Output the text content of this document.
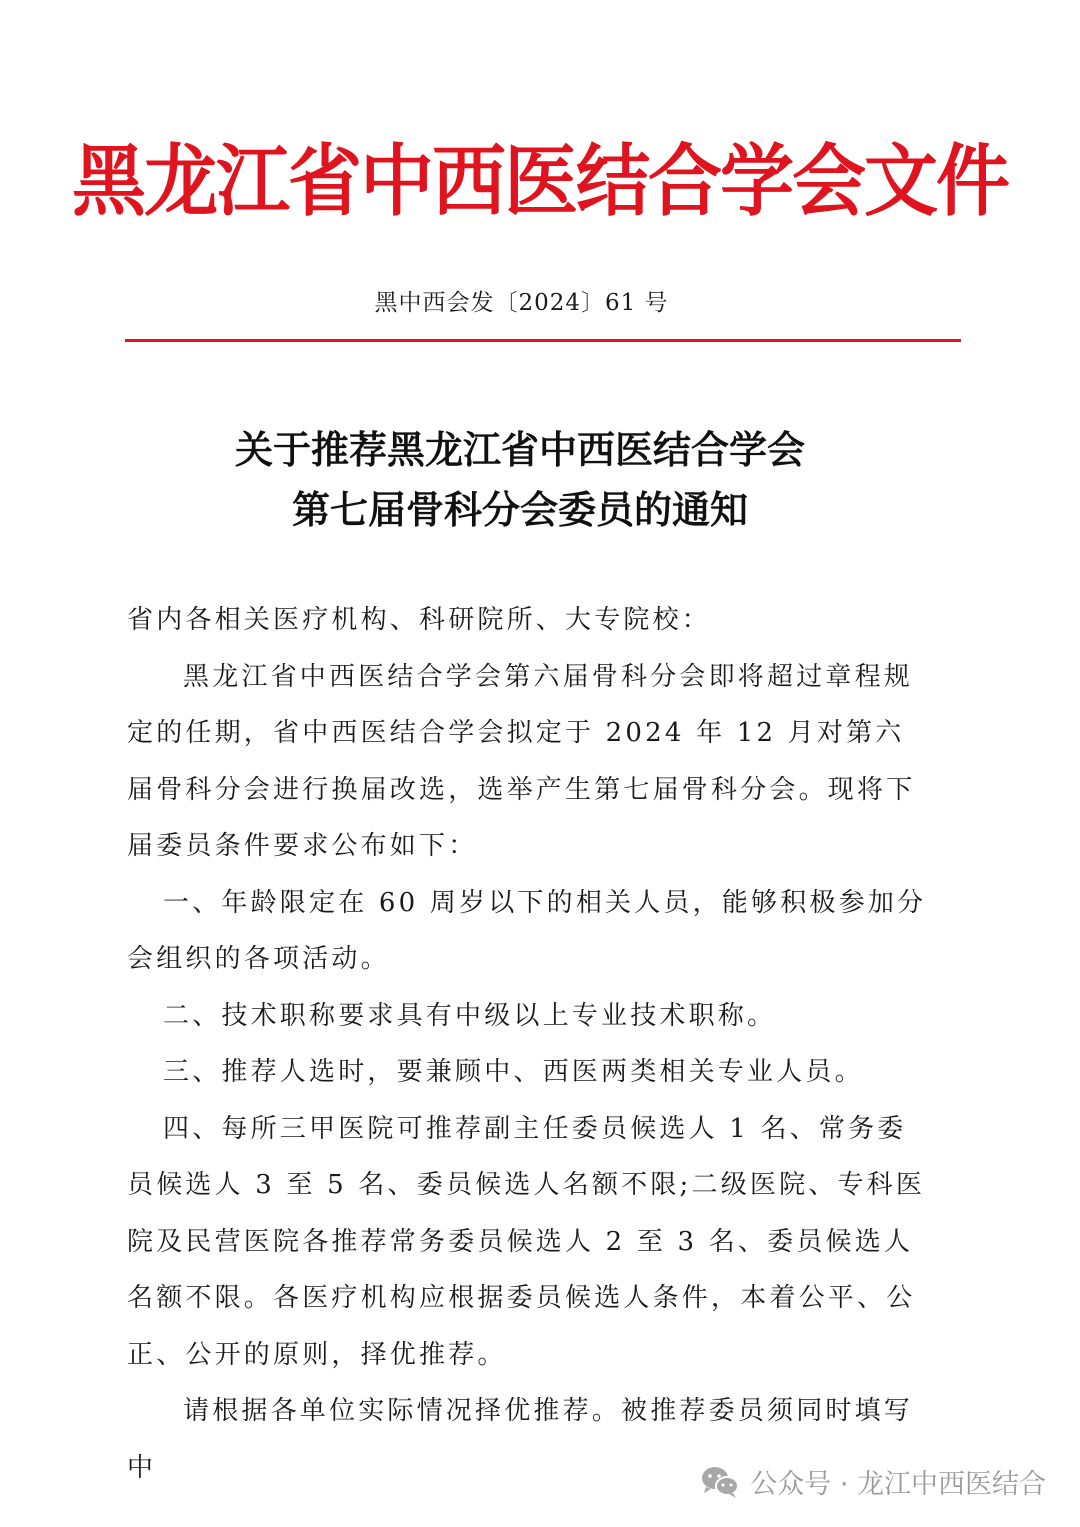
黑龙江省中西医结合学会文件
黑中西会发〔2024〕61 号
关于推荐黑龙江省中西医结合学会
第七届骨科分会委员的通知

省内各相关医疗机构、科研院所、大专院校：

黑龙江省中西医结合学会第六届骨科分会即将超过章程规定的任期，省中西医结合学会拟定于 2024 年 12 月对第六届骨科分会进行换届改选，选举产生第七届骨科分会。现将下届委员条件要求公布如下：

一、年龄限定在 60 周岁以下的相关人员，能够积极参加分会组织的各项活动。

二、技术职称要求具有中级以上专业技术职称。

三、推荐人选时，要兼顾中、西医两类相关专业人员。

四、每所三甲医院可推荐副主任委员候选人 1 名、常务委员候选人 3 至 5 名、委员候选人名额不限;二级医院、专科医院及民营医院各推荐常务委员候选人 2 至 3 名、委员候选人名额不限。各医疗机构应根据委员候选人条件，本着公平、公正、公开的原则，择优推荐。

请根据各单位实际情况择优推荐。被推荐委员须同时填写中

公众号 · 龙江中西医结合
